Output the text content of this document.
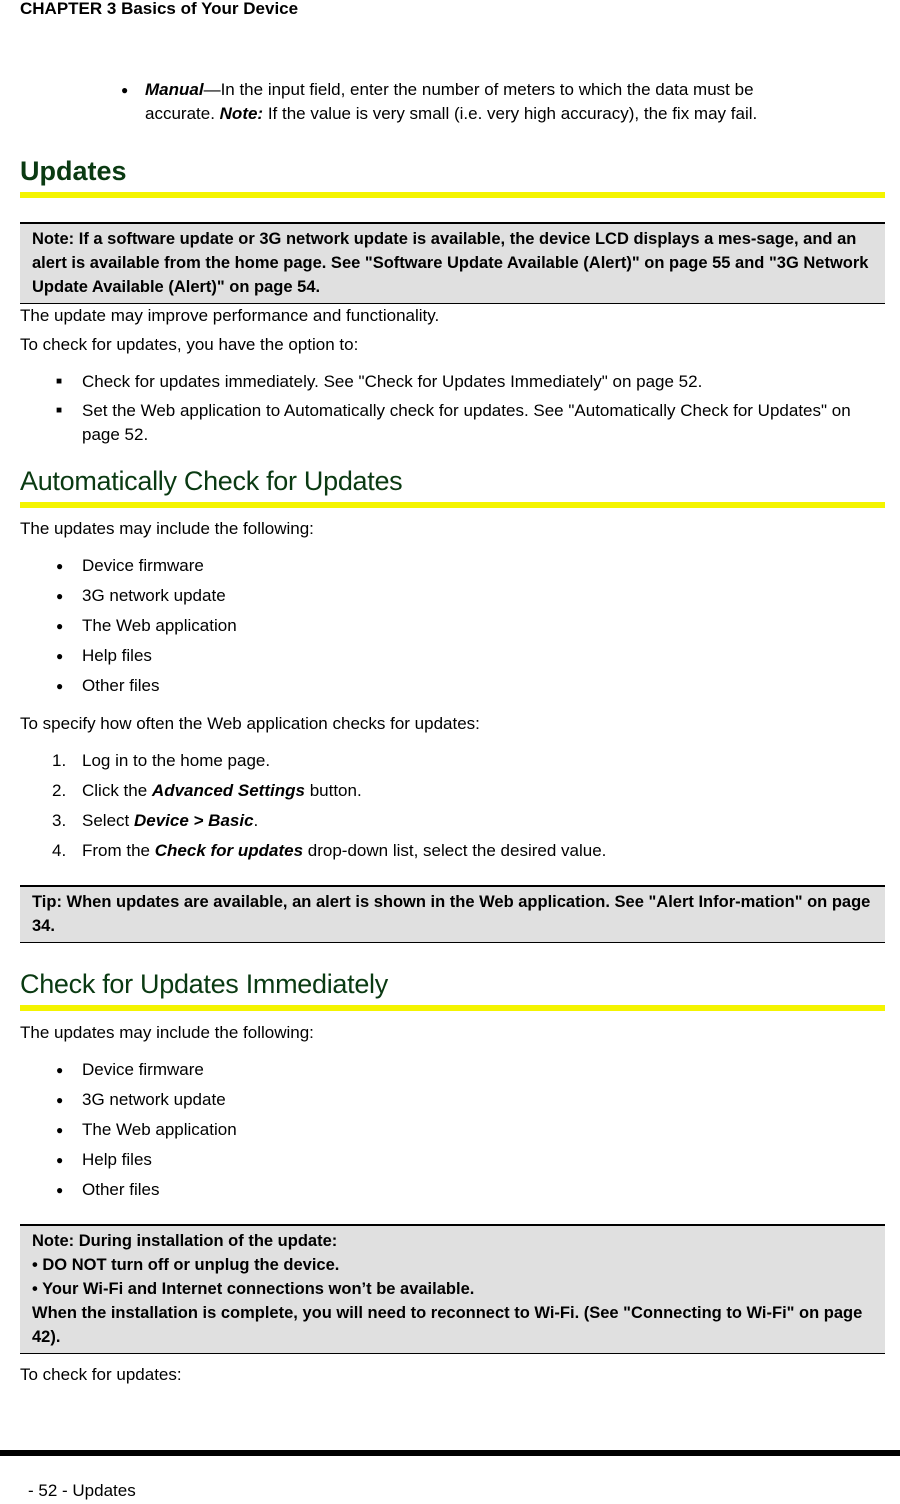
CHAPTER 3 Basics of Your Device
● Manual—In the input field, enter the number of meters to which the data must be
accurate. Note: If the value is very small (i.e. very high accuracy), the fix may fail.
Updates
Note: If a software update or 3G network update is available, the device LCD displays a mes-sage, and an alert is available from the home page. See "Software Update Available (Alert)" on page 55 and "3G Network Update Available (Alert)" on page 54.

The update may improve performance and functionality.

To check for updates, you have the option to:

■ Check for updates immediately. See "Check for Updates Immediately" on page 52.
■ Set the Web application to Automatically check for updates. See "Automatically Check for Updates" on page 52.
Automatically Check for Updates

The updates may include the following:

● Device firmware
● 3G network update
● The Web application
● Help files
● Other files

To specify how often the Web application checks for updates:

1. Log in to the home page.
2. Click the Advanced Settings button.
3. Select Device > Basic.
4. From the Check for updates drop-down list, select the desired value.
Tip: When updates are available, an alert is shown in the Web application. See "Alert Infor-mation" on page 34.
Check for Updates Immediately

The updates may include the following:

● Device firmware
● 3G network update
● The Web application
● Help files
● Other files
Note: During installation of the update:
• DO NOT turn off or unplug the device.
• Your Wi-Fi and Internet connections won’t be available.
When the installation is complete, you will need to reconnect to Wi-Fi. (See "Connecting to Wi-Fi" on page 42).

To check for updates:

- 52 - Updates
